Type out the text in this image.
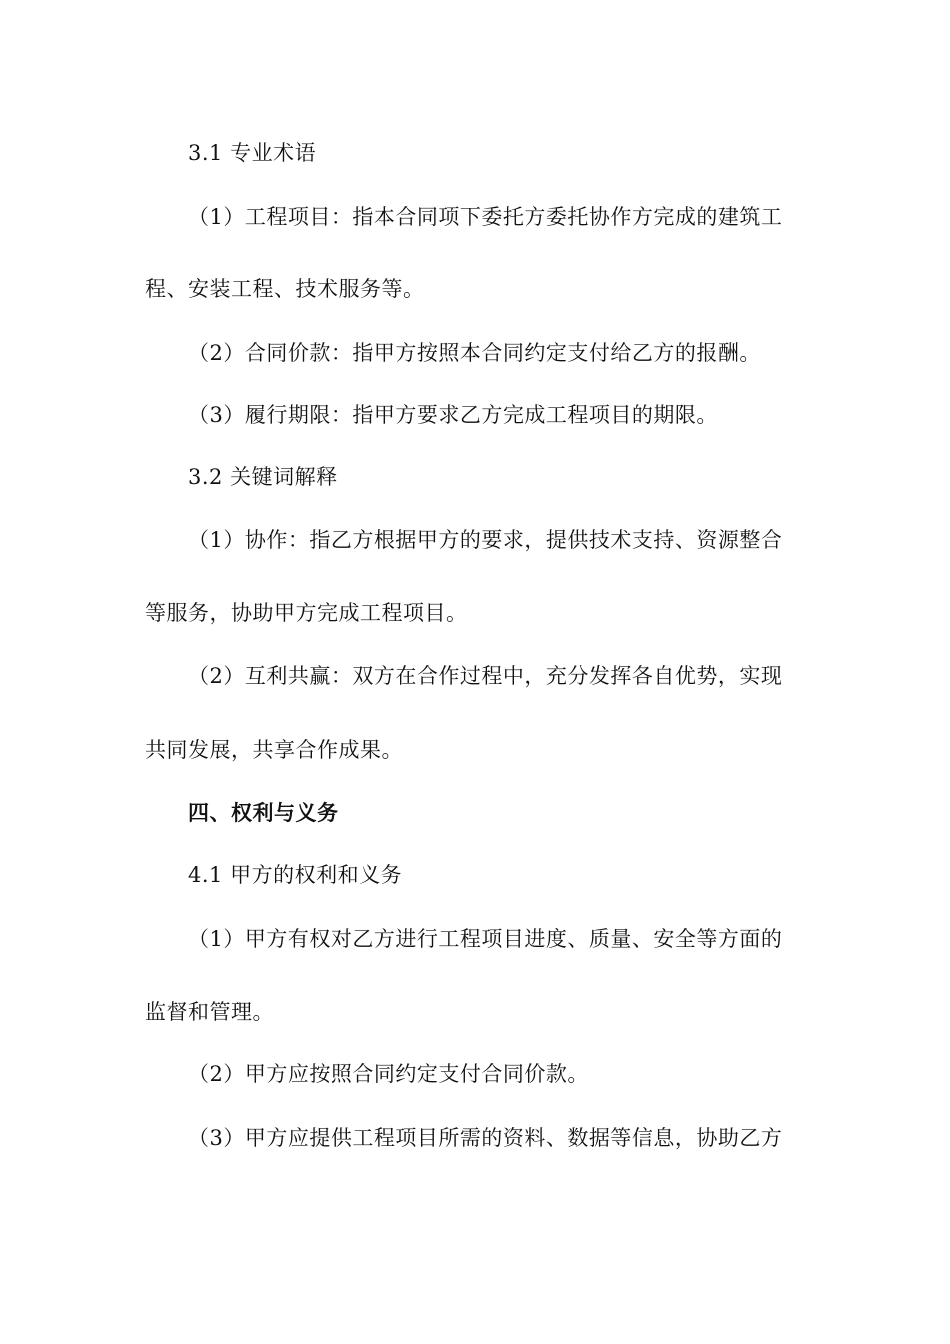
3.1 专业术语
（1）工程项目：指本合同项下委托方委托协作方完成的建筑工
程、安装工程、技术服务等。
（2）合同价款：指甲方按照本合同约定支付给乙方的报酬。
（3）履行期限：指甲方要求乙方完成工程项目的期限。
3.2 关键词解释
（1）协作：指乙方根据甲方的要求，提供技术支持、资源整合
等服务，协助甲方完成工程项目。
（2）互利共赢：双方在合作过程中，充分发挥各自优势，实现
共同发展，共享合作成果。
四、权利与义务
4.1 甲方的权利和义务
（1）甲方有权对乙方进行工程项目进度、质量、安全等方面的
监督和管理。
（2）甲方应按照合同约定支付合同价款。
（3）甲方应提供工程项目所需的资料、数据等信息，协助乙方
